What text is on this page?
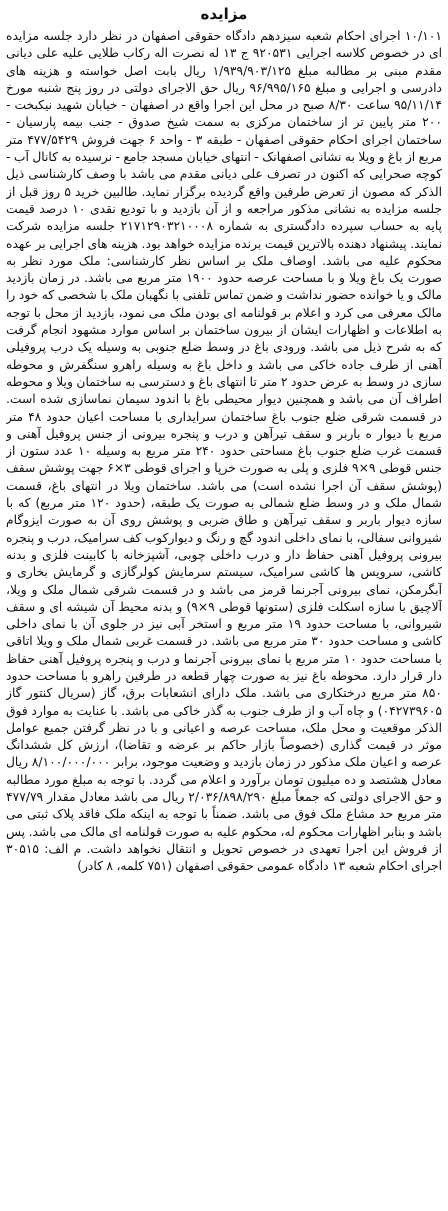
مزایده

۱۰/۱۰۱ اجرای احکام شعبه سیزدهم دادگاه حقوقی اصفهان در نظر دارد جلسه مزایده ای در خصوص کلاسه اجرایی ۹۲۰۵۳۱ ج ۱۳ له نصرت اله رکاب طلایی علیه علی دیانی مقدم مبنی بر مطالبه مبلغ ۱/۹۳۹/۹۰۳/۱۲۵ ریال بابت اصل خواسته و هزینه های دادرسی و اجرایی و مبلغ ۹۶/۹۹۵/۱۶۵ ریال حق الاجرای دولتی در روز پنج شنبه مورخ ۹۵/۱۱/۱۴ ساعت ۸/۳۰ صبح در محل این اجرا واقع در اصفهان - خیابان شهید نیکبخت - ۲۰۰ متر پایین تر از ساختمان مرکزی به سمت شیخ صدوق - جنب بیمه پارسیان - ساختمان اجرای احکام حقوقی اصفهان - طبقه ۳ - واحد ۶ جهت فروش ۴۷۷/۵۴۲۹ متر مربع از باغ و ویلا به نشانی اصفهانک - انتهای خیابان مسجد جامع - نرسیده به کانال آب - کوچه صحرایی که اکنون در تصرف علی دیانی مقدم می باشد با وصف کارشناسی ذیل الذکر که مصون از تعرض طرفین واقع گردیده برگزار نماید. طالبین خرید ۵ روز قبل از جلسه مزایده به نشانی مذکور مراجعه و از آن بازدید و با تودیع نقدی ۱۰ درصد قیمت پایه به حساب سپرده دادگستری به شماره ۲۱۷۱۲۹۰۳۲۱۰۰۰۸ جلسه مزایده شرکت نمایند. پیشنهاد دهنده بالاترین قیمت برنده مزایده خواهد بود. هزینه های اجرایی بر عهده محکوم علیه می باشد. اوصاف ملک بر اساس نظر کارشناسی: ملک مورد نظر به صورت یک باغ ویلا و با مساحت عرصه حدود ۱۹۰۰ متر مربع می باشد. در زمان بازدید مالک و یا خوانده حضور نداشت و ضمن تماس تلفنی با نگهبان ملک با شخصی که خود را مالک معرفی می کرد و اعلام بر قولنامه ای بودن ملک می نمود، بازدید از محل با توجه به اطلاعات و اظهارات ایشان از بیرون ساختمان بر اساس موارد مشهود انجام گرفت که به شرح ذیل می باشد. ورودی باغ در وسط ضلع جنوبی به وسیله یک درب پروفیلی آهنی از طرف جاده خاکی می باشد و داخل باغ به وسیله راهرو سنگفرش و محوطه سازی در وسط به عرض حدود ۲ متر تا انتهای باغ و دسترسی به ساختمان ویلا و محوطه اطراف آن می باشد و همچنین دیوار محیطی باغ با اندود سیمان نماسازی شده است. در قسمت شرقی ضلع جنوب باغ ساختمان سرایداری با مساحت اعیان حدود ۴۸ متر مربع با دیوار ه باربر و سقف تیرآهن و درب و پنجره بیرونی از جنس پروفیل آهنی و قسمت غرب ضلع جنوب باغ مساحتی حدود ۲۴۰ متر مربع به وسیله ۱۰ عدد ستون از جنس قوطی ۹×۹ فلزی و پلی به صورت خرپا و اجرای قوطی ۳×۶ جهت پوشش سقف (پوشش سقف آن اجرا نشده است) می باشد. ساختمان ویلا در انتهای باغ، قسمت شمال ملک و در وسط ضلع شمالی به صورت یک طبقه، (حدود ۱۲۰ متر مربع) که با سازه دیوار باربر و سقف تیرآهن و طاق ضربی و پوشش روی آن به صورت ایزوگام شیروانی سفالی، با نمای داخلی اندود گچ و رنگ و دیوارکوب کف سرامیک، درب و پنجره بیرونی پروفیل آهنی حفاظ دار و درب داخلی چوبی، آشپزخانه با کابینت فلزی و بدنه کاشی، سرویس ها کاشی سرامیک، سیستم سرمایش کولرگازی و گرمایش بخاری و آبگرمکن، نمای بیرونی آجرنما قرمز می باشد و در قسمت شرقی شمال ملک و ویلا، آلاچیق با سازه اسکلت فلزی (ستونها قوطی ۹×۹) و بدنه محیط آن شیشه ای و سقف شیروانی، با مساحت حدود ۱۹ متر مربع و استخر آبی نیز در جلوی آن با نمای داخلی کاشی و مساحت حدود ۳۰ متر مربع می باشد. در قسمت غربی شمال ملک و ویلا اتاقی با مساحت حدود ۱۰ متر مربع با نمای بیرونی آجرنما و درب و پنجره پروفیل آهنی حفاظ دار قرار دارد. محوطه باغ نیز به صورت چهار قطعه در طرفین راهرو با مساحت حدود ۸۵۰ متر مربع درختکاری می باشد. ملک دارای انشعابات برق، گاز (سریال کنتور گاز ۰۴۲۷۳۹۶۰۵) و چاه آب و از طرف جنوب به گذر خاکی می باشد. با عنایت به موارد فوق الذکر موقعیت و محل ملک، مساحت عرصه و اعیانی و با در نظر گرفتن جمیع عوامل موثر در قیمت گذاری (خصوصاً بازار حاکم بر عرضه و تقاضا)، ارزش کل ششدانگ عرصه و اعیان ملک مذکور در زمان بازدید و وضعیت موجود، برابر ۸/۱۰۰/۰۰۰/۰۰۰ ریال معادل هشتصد و ده میلیون تومان برآورد و اعلام می گردد. با توجه به مبلغ مورد مطالبه و حق الاجرای دولتی که جمعاً مبلغ ۲/۰۳۶/۸۹۸/۲۹۰ ریال می باشد معادل مقدار ۴۷۷/۷۹ متر مربع حد مشاع ملک فوق می باشد. ضمناً با توجه به اینکه ملک فاقد پلاک ثبتی می باشد و بنابر اظهارات محکوم له، محکوم علیه به صورت قولنامه ای مالک می باشد. پس از فروش این اجرا تعهدی در خصوص تحویل و انتقال نخواهد داشت. م الف: ۳۰۵۱۵ اجرای احکام شعبه ۱۳ دادگاه عمومی حقوقی اصفهان (۷۵۱ کلمه، ۸ کادر)
